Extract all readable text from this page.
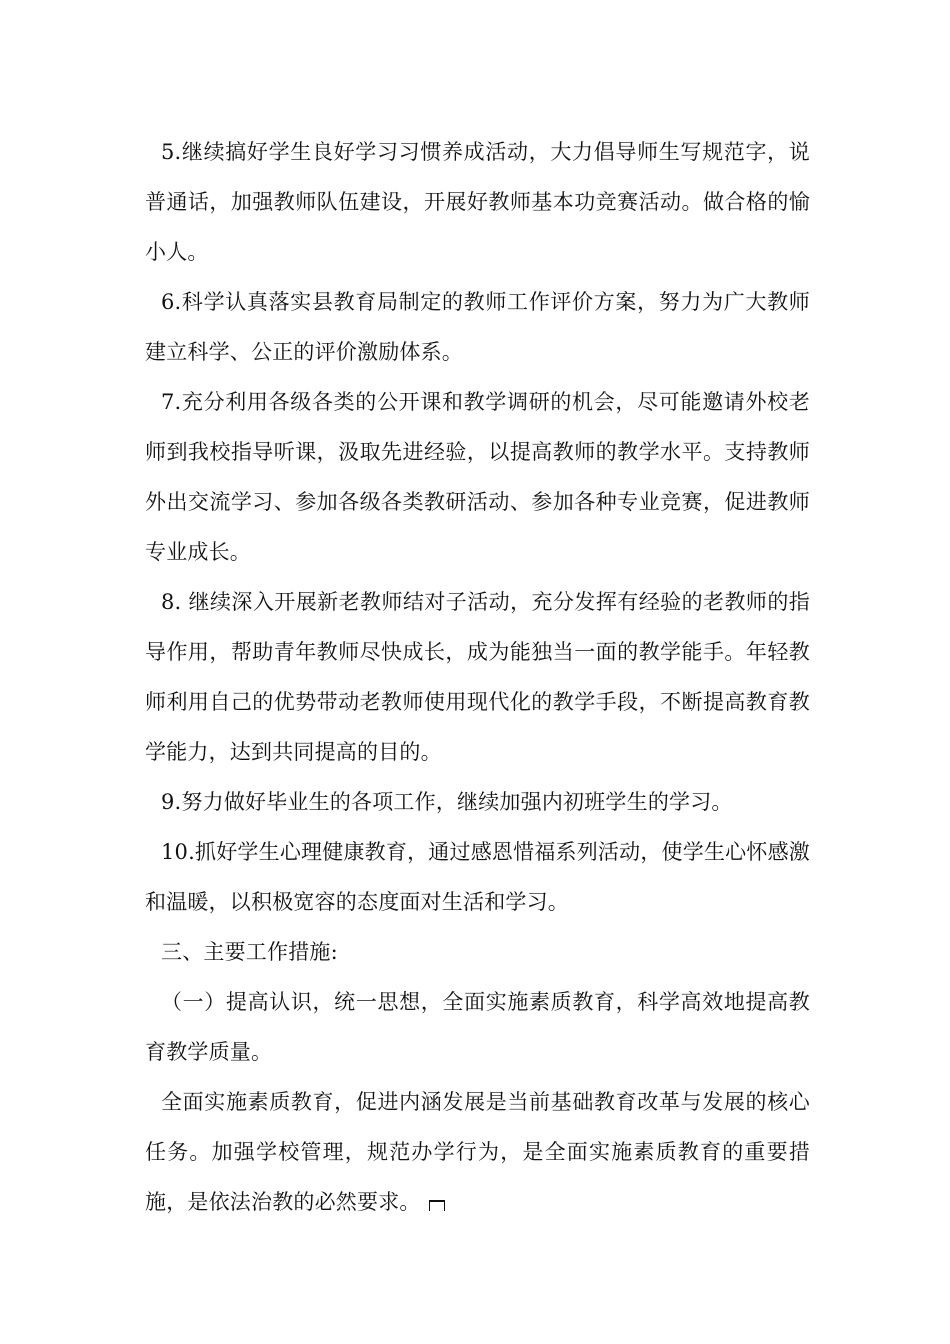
5.继续搞好学生良好学习习惯养成活动，大力倡导师生写规范字，说普通话，加强教师队伍建设，开展好教师基本功竞赛活动。做合格的愉小人。

6.科学认真落实县教育局制定的教师工作评价方案，努力为广大教师建立科学、公正的评价激励体系。

7.充分利用各级各类的公开课和教学调研的机会，尽可能邀请外校老师到我校指导听课，汲取先进经验，以提高教师的教学水平。支持教师外出交流学习、参加各级各类教研活动、参加各种专业竞赛，促进教师专业成长。

8. 继续深入开展新老教师结对子活动，充分发挥有经验的老教师的指导作用，帮助青年教师尽快成长，成为能独当一面的教学能手。年轻教师利用自己的优势带动老教师使用现代化的教学手段，不断提高教育教学能力，达到共同提高的目的。

9.努力做好毕业生的各项工作，继续加强内初班学生的学习。

10.抓好学生心理健康教育，通过感恩惜福系列活动，使学生心怀感激和温暖，以积极宽容的态度面对生活和学习。

三、主要工作措施:

（一）提高认识，统一思想，全面实施素质教育，科学高效地提高教育教学质量。

全面实施素质教育，促进内涵发展是当前基础教育改革与发展的核心任务。加强学校管理，规范办学行为，是全面实施素质教育的重要措施，是依法治教的必然要求。
